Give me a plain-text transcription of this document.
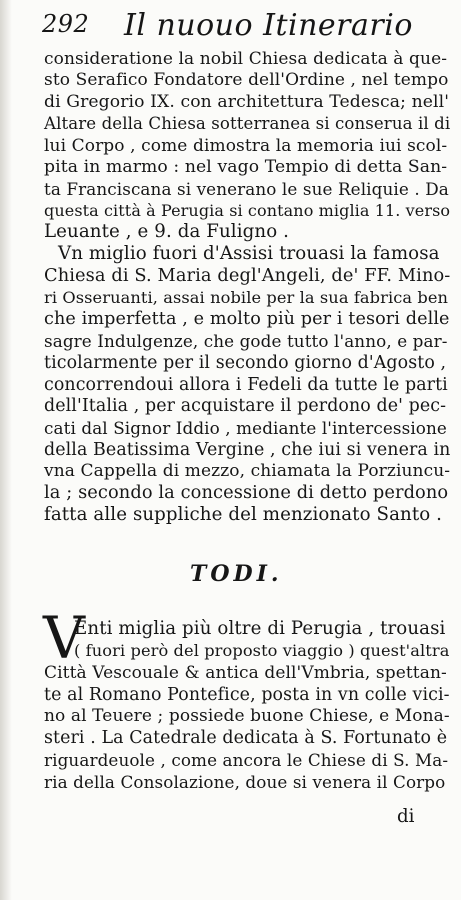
292 Il nuouo Itinerario
consideratione la nobil Chiesa dedicata à que-
sto Serafico Fondatore dell'Ordine , nel tempo
di Gregorio IX. con architettura Tedesca; nell'
Altare della Chiesa sotterranea si conserua il di
lui Corpo , come dimostra la memoria iui scol-
pita in marmo : nel vago Tempio di detta San-
ta Franciscana si venerano le sue Reliquie . Da
questa città à Perugia si contano miglia 11. verso
Leuante , e 9. da Fuligno .
Vn miglio fuori d'Assisi trouasi la famosa
Chiesa di S. Maria degl'Angeli, de' FF. Mino-
ri Osseruanti, assai nobile per la sua fabrica ben
che imperfetta , e molto più per i tesori delle
sagre Indulgenze, che gode tutto l'anno, e par-
ticolarmente per il secondo giorno d'Agosto ,
concorrendoui allora i Fedeli da tutte le parti
dell'Italia , per acquistare il perdono de' pec-
cati dal Signor Iddio , mediante l'intercessione
della Beatissima Vergine , che iui si venera in
vna Cappella di mezzo, chiamata la Porziuncu-
la ; secondo la concessione di detto perdono
fatta alle suppliche del menzionato Santo .
TODI.
V
Enti miglia più oltre di Perugia , trouasi
( fuori però del proposto viaggio ) quest'altra
Città Vescouale & antica dell'Vmbria, spettan-
te al Romano Pontefice, posta in vn colle vici-
no al Teuere ; possiede buone Chiese, e Mona-
steri . La Catedrale dedicata à S. Fortunato è
riguardeuole , come ancora le Chiese di S. Ma-
ria della Consolazione, doue si venera il Corpo
di
